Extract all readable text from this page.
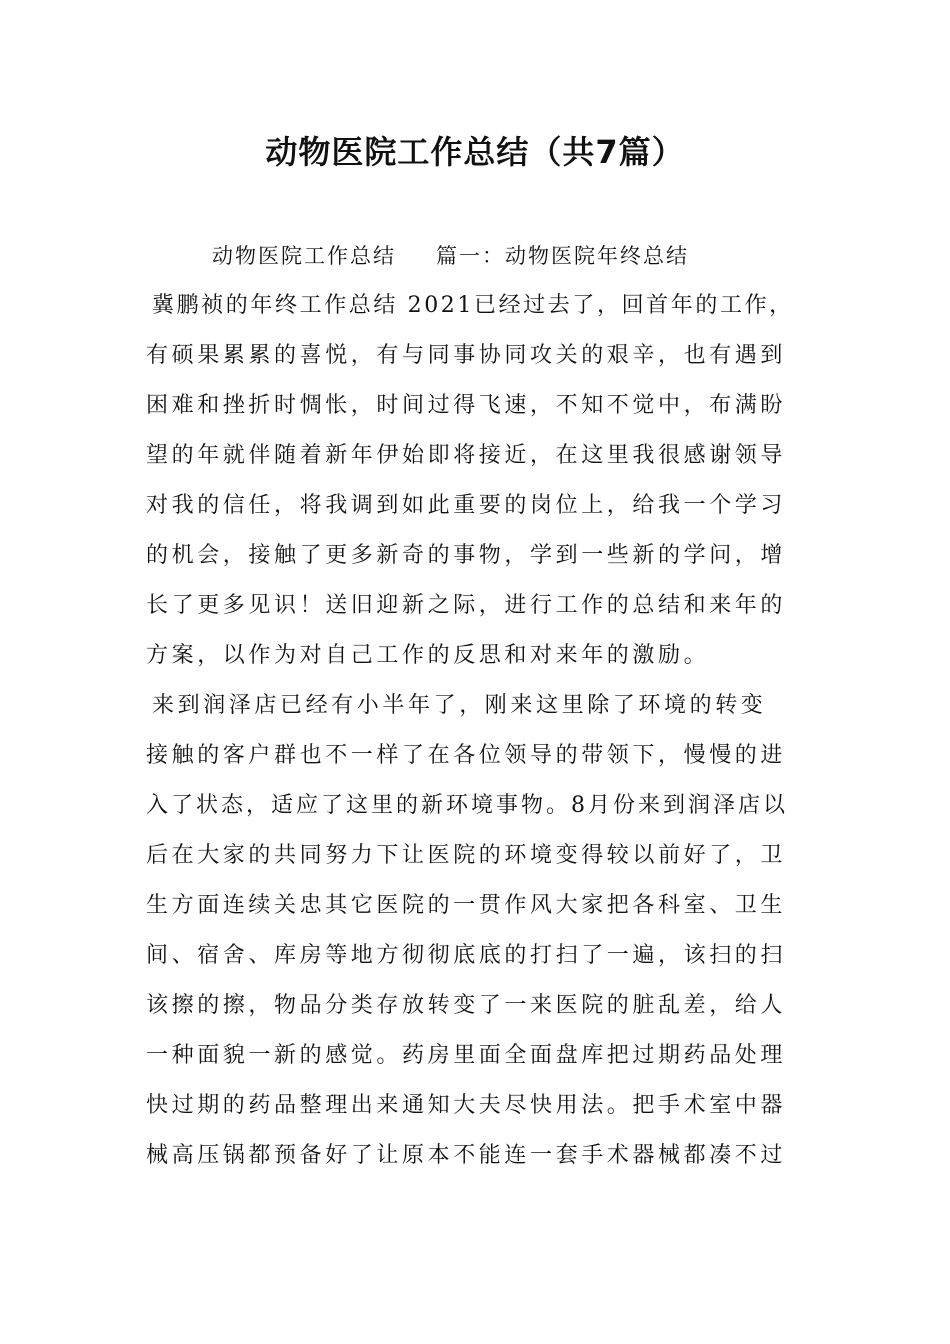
动物医院工作总结（共7篇）
动物医院工作总结 篇一：动物医院年终总结
冀鹏祯的年终工作总结 2021已经过去了，回首年的工作，
有硕果累累的喜悦，有与同事协同攻关的艰辛，也有遇到
困难和挫折时惆怅，时间过得飞速，不知不觉中，布满盼
望的年就伴随着新年伊始即将接近，在这里我很感谢领导
对我的信任，将我调到如此重要的岗位上，给我一个学习
的机会，接触了更多新奇的事物，学到一些新的学问，增
长了更多见识！送旧迎新之际，进行工作的总结和来年的
方案，以作为对自己工作的反思和对来年的激励。
来到润泽店已经有小半年了，刚来这里除了环境的转变
接触的客户群也不一样了在各位领导的带领下，慢慢的进
入了状态，适应了这里的新环境事物。8月份来到润泽店以
后在大家的共同努力下让医院的环境变得较以前好了，卫
生方面连续关忠其它医院的一贯作风大家把各科室、卫生
间、宿舍、库房等地方彻彻底底的打扫了一遍，该扫的扫
该擦的擦，物品分类存放转变了一来医院的脏乱差，给人
一种面貌一新的感觉。药房里面全面盘库把过期药品处理
快过期的药品整理出来通知大夫尽快用法。把手术室中器
械高压锅都预备好了让原本不能连一套手术器械都凑不过
